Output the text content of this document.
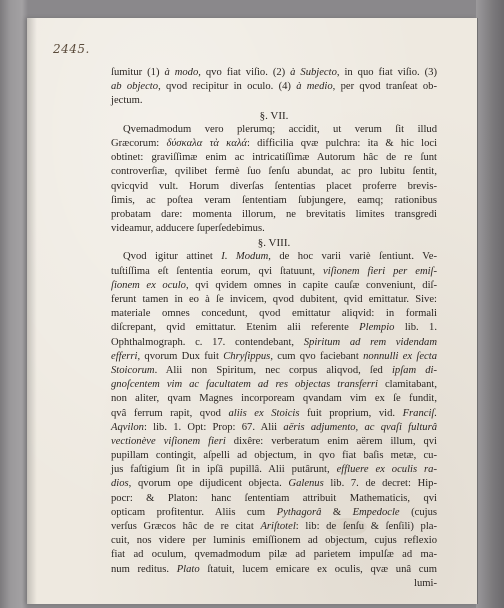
2445.
ſumitur (1) à modo, qvo fiat viſio. (2) à Subjecto, in quo fiat viſio. (3)
ab objecto, qvod recipitur in oculo. (4) à medio, per qvod tranſeat ob-
jectum.
§. VII.
Qvemadmodum vero plerumq; accidit, ut verum ſit illud
Græcorum: δύσκαλα τὰ καλά: difficilia qvæ pulchra: ita & hic loci
obtinet: graviſſimæ enim ac intricatiſſimæ Autorum hâc de re ſunt
controverſiæ, qvilibet fermè ſuo ſenſu abundat, ac pro lubitu ſentit,
qvicqvid vult. Horum diverſas ſententias placet proferre brevis-
ſimis, ac poſtea veram ſententiam ſubjungere, eamq; rationibus
probatam dare: momenta illorum, ne brevitatis limites transgredi
videamur, adducere ſuperſedebimus.
§. VIII.
Qvod igitur attinet I. Modum, de hoc varii variè ſentiunt. Ve-
tuſtiſſima eſt ſententia eorum, qvi ſtatuunt, viſionem fieri per emiſ-
ſionem ex oculo, qvi qvidem omnes in capite cauſæ conveniunt, diſ-
ferunt tamen in eo à ſe invicem, qvod dubitent, qvid emittatur. Sive:
materiale omnes concedunt, qvod emittatur aliqvid: in formali
diſcrepant, qvid emittatur. Etenim alii referente Plempio lib. 1.
Ophthalmograph. c. 17. contendebant, Spiritum ad rem videndam
efferri, qvorum Dux fuit Chryſippus, cum qvo faciebant nonnulli ex ſecta
Stoicorum. Alii non Spiritum, nec corpus aliqvod, ſed ipſam di-
gnoſcentem vim ac facultatem ad res objectas transferri clamitabant,
non aliter, qvam Magnes incorpoream qvandam vim ex ſe fundit,
qvâ ferrum rapit, qvod aliis ex Stoicis fuit proprium, vid. Franciſ.
Aqvilon: lib. 1. Opt: Prop: 67. Alii aëris adjumento, ac qvaſi fulturâ
vectionève viſionem fieri dixêre: verberatum enim aërem illum, qvi
pupillam contingit, aſpelli ad objectum, in qvo fiat baſis metæ, cu-
jus faſtigium ſit in ipſâ pupillâ. Alii putârunt, effluere ex oculis ra-
dios, qvorum ope dijudicent objecta. Galenus lib. 7. de decret: Hip-
pocr: & Platon: hanc ſententiam attribuit Mathematicis, qvi
opticam profitentur. Aliis cum Pythagorâ & Empedocle (cujus
verſus Græcos hâc de re citat Ariſtotel: lib: de ſenſu & ſenſili) pla-
cuit, nos videre per luminis emiſſionem ad objectum, cujus reflexio
fiat ad oculum, qvemadmodum pilæ ad parietem impulſæ ad ma-
num reditus. Plato ſtatuit, lucem emicare ex oculis, qvæ unâ cum
lumi-
